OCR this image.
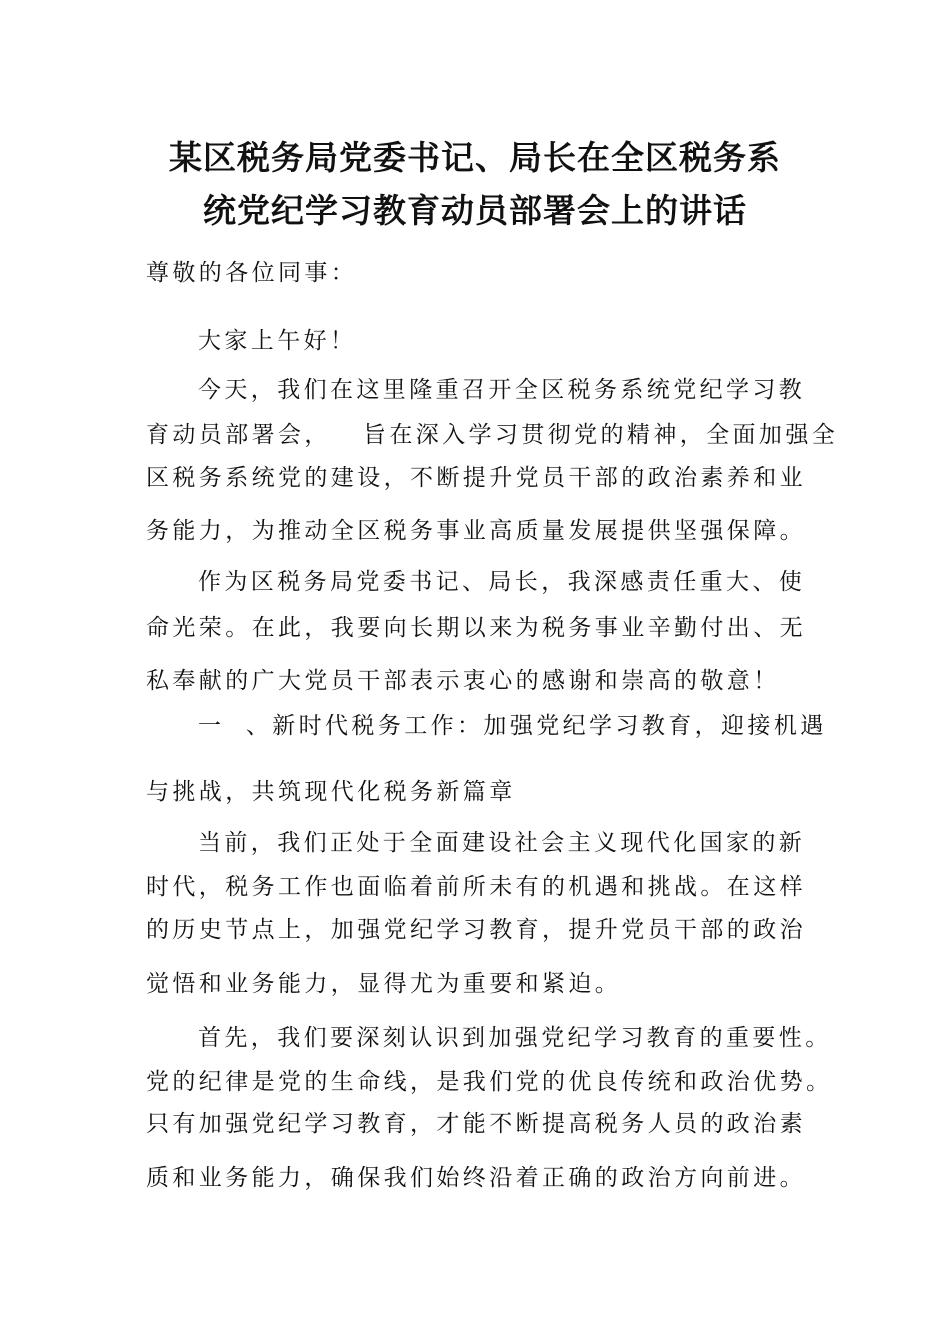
某区税务局党委书记、局长在全区税务系
统党纪学习教育动员部署会上的讲话
尊敬的各位同事：
大家上午好！
今天，我们在这里隆重召开全区税务系统党纪学习教
育动员部署会，   旨在深入学习贯彻党的精神，全面加强全
区税务系统党的建设，不断提升党员干部的政治素养和业
务能力，为推动全区税务事业高质量发展提供坚强保障。
作为区税务局党委书记、局长，我深感责任重大、使
命光荣。在此，我要向长期以来为税务事业辛勤付出、无
私奉献的广大党员干部表示衷心的感谢和崇高的敬意！
一  、新时代税务工作：加强党纪学习教育，迎接机遇
与挑战，共筑现代化税务新篇章
当前，我们正处于全面建设社会主义现代化国家的新
时代，税务工作也面临着前所未有的机遇和挑战。在这样
的历史节点上，加强党纪学习教育，提升党员干部的政治
觉悟和业务能力，显得尤为重要和紧迫。
首先，我们要深刻认识到加强党纪学习教育的重要性。
党的纪律是党的生命线，是我们党的优良传统和政治优势。
只有加强党纪学习教育，才能不断提高税务人员的政治素
质和业务能力，确保我们始终沿着正确的政治方向前进。
